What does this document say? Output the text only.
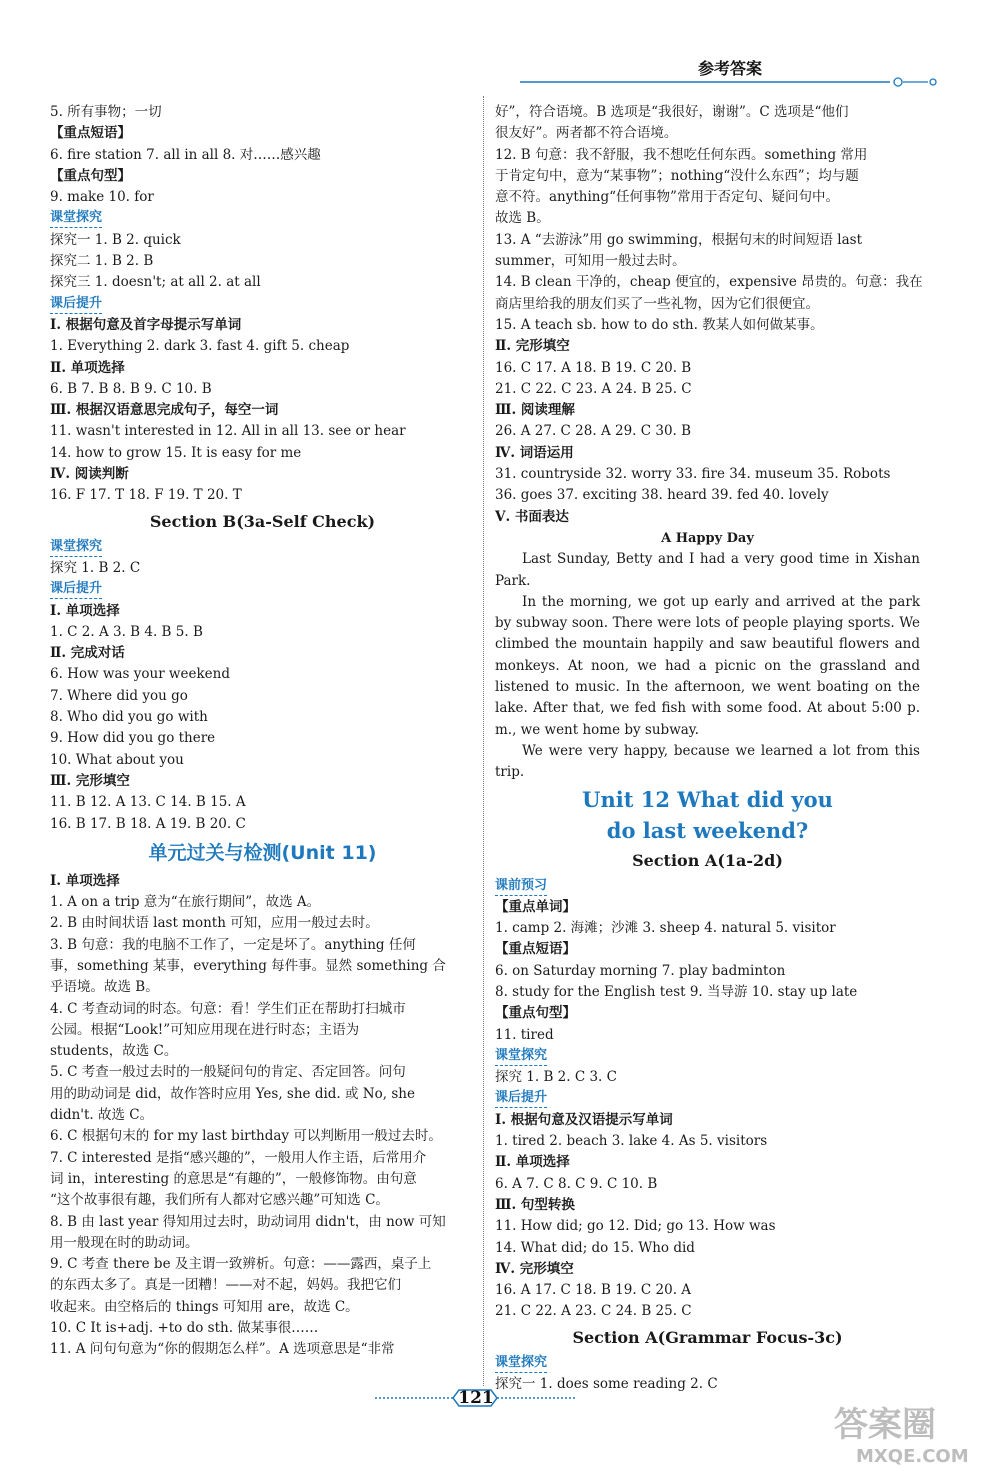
参考答案
5. 所有事物；一切
【重点短语】
6. fire station 7. all in all 8. 对……感兴趣
【重点句型】
9. make 10. for
课堂探究
探究一 1. B 2. quick
探究二 1. B 2. B
探究三 1. doesn't; at all 2. at all
课后提升
Ⅰ. 根据句意及首字母提示写单词
1. Everything 2. dark 3. fast 4. gift 5. cheap
Ⅱ. 单项选择
6. B 7. B 8. B 9. C 10. B
Ⅲ. 根据汉语意思完成句子，每空一词
11. wasn't interested in 12. All in all 13. see or hear
14. how to grow 15. It is easy for me
Ⅳ. 阅读判断
16. F 17. T 18. F 19. T 20. T
Section B(3a-Self Check)
课堂探究
探究 1. B 2. C
课后提升
Ⅰ. 单项选择
1. C 2. A 3. B 4. B 5. B
Ⅱ. 完成对话
6. How was your weekend
7. Where did you go
8. Who did you go with
9. How did you go there
10. What about you
Ⅲ. 完形填空
11. B 12. A 13. C 14. B 15. A
16. B 17. B 18. A 19. B 20. C
单元过关与检测(Unit 11)
Ⅰ. 单项选择
1. A on a trip 意为“在旅行期间”，故选 A。
2. B 由时间状语 last month 可知，应用一般过去时。
3. B 句意：我的电脑不工作了，一定是坏了。anything 任何
事，something 某事，everything 每件事。显然 something 合
乎语境。故选 B。
4. C 考查动词的时态。句意：看！学生们正在帮助打扫城市
公园。根据“Look!”可知应用现在进行时态；主语为
students，故选 C。
5. C 考查一般过去时的一般疑问句的肯定、否定回答。问句
用的助动词是 did，故作答时应用 Yes, she did. 或 No, she
didn't. 故选 C。
6. C 根据句末的 for my last birthday 可以判断用一般过去时。
7. C interested 是指“感兴趣的”，一般用人作主语，后常用介
词 in，interesting 的意思是“有趣的”，一般修饰物。由句意
“这个故事很有趣，我们所有人都对它感兴趣”可知选 C。
8. B 由 last year 得知用过去时，助动词用 didn't，由 now 可知
用一般现在时的助动词。
9. C 考查 there be 及主谓一致辨析。句意：——露西，桌子上
的东西太多了。真是一团糟！——对不起，妈妈。我把它们
收起来。由空格后的 things 可知用 are，故选 C。
10. C It is+adj. +to do sth. 做某事很……
11. A 问句句意为“你的假期怎么样”。A 选项意思是“非常
好”，符合语境。B 选项是“我很好，谢谢”。C 选项是“他们
很友好”。两者都不符合语境。
12. B 句意：我不舒服，我不想吃任何东西。something 常用
于肯定句中，意为“某事物”；nothing“没什么东西”；均与题
意不符。anything“任何事物”常用于否定句、疑问句中。
故选 B。
13. A “去游泳”用 go swimming，根据句末的时间短语 last
summer，可知用一般过去时。
14. B clean 干净的，cheap 便宜的，expensive 昂贵的。句意：我在
商店里给我的朋友们买了一些礼物，因为它们很便宜。
15. A teach sb. how to do sth. 教某人如何做某事。
Ⅱ. 完形填空
16. C 17. A 18. B 19. C 20. B
21. C 22. C 23. A 24. B 25. C
Ⅲ. 阅读理解
26. A 27. C 28. A 29. C 30. B
Ⅳ. 词语运用
31. countryside 32. worry 33. fire 34. museum 35. Robots
36. goes 37. exciting 38. heard 39. fed 40. lovely
Ⅴ. 书面表达
A Happy Day
Last Sunday, Betty and I had a very good time in Xishan Park.
In the morning, we got up early and arrived at the park by subway soon. There were lots of people playing sports. We climbed the mountain happily and saw beautiful flowers and monkeys. At noon, we had a picnic on the grassland and listened to music. In the afternoon, we went boating on the lake. After that, we fed fish with some food. At about 5:00 p. m., we went home by subway.
We were very happy, because we learned a lot from this trip.
Unit 12 What did you
do last weekend?
Section A(1a-2d)
课前预习
【重点单词】
1. camp 2. 海滩；沙滩 3. sheep 4. natural 5. visitor
【重点短语】
6. on Saturday morning 7. play badminton
8. study for the English test 9. 当导游 10. stay up late
【重点句型】
11. tired
课堂探究
探究 1. B 2. C 3. C
课后提升
Ⅰ. 根据句意及汉语提示写单词
1. tired 2. beach 3. lake 4. As 5. visitors
Ⅱ. 单项选择
6. A 7. C 8. C 9. C 10. B
Ⅲ. 句型转换
11. How did; go 12. Did; go 13. How was
14. What did; do 15. Who did
Ⅳ. 完形填空
16. A 17. C 18. B 19. C 20. A
21. C 22. A 23. C 24. B 25. C
Section A(Grammar Focus-3c)
课堂探究
探究一 1. does some reading 2. C
121
答案圈
MXQE.COM
